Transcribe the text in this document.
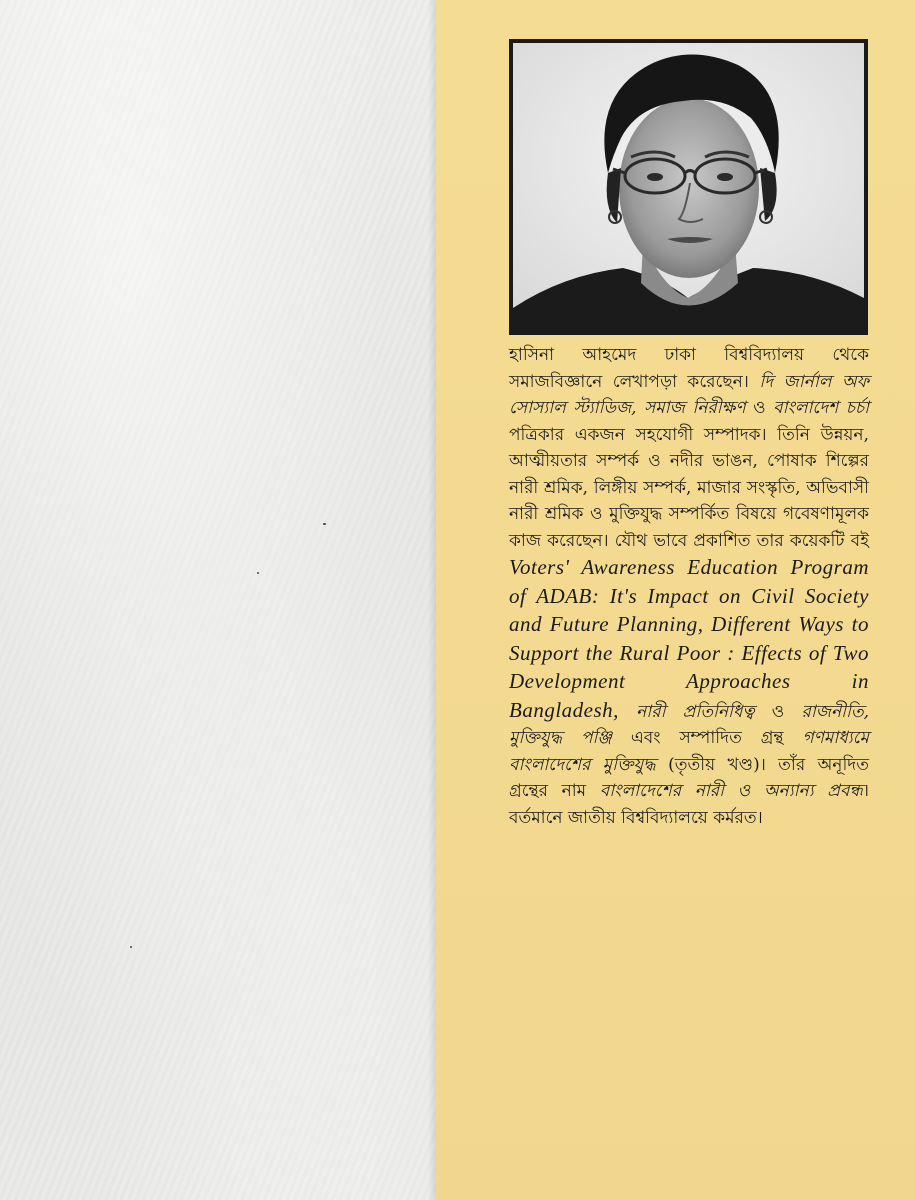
হাসিনা আহমেদ ঢাকা বিশ্ববিদ্যালয় থেকে সমাজবিজ্ঞানে লেখাপড়া করেছেন। দি জার্নাল অফ সোস্যাল স্ট্যাডিজ, সমাজ নিরীক্ষণ ও বাংলাদেশ চর্চা পত্রিকার একজন সহযোগী সম্পাদক। তিনি উন্নয়ন, আত্মীয়তার সম্পর্ক ও নদীর ভাঙন, পোষাক শিল্পের নারী শ্রমিক, লিঙ্গীয় সম্পর্ক, মাজার সংস্কৃতি, অভিবাসী নারী শ্রমিক ও মুক্তিযুদ্ধ সম্পর্কিত বিষয়ে গবেষণামূলক কাজ করেছেন। যৌথ ভাবে প্রকাশিত তার কয়েকটি বই Voters' Awareness Education Program of ADAB: It's Impact on Civil Society and Future Planning, Different Ways to Support the Rural Poor : Effects of Two Development Approaches in Bangladesh, নারী প্রতিনিধিত্ব ও রাজনীতি, মুক্তিযুদ্ধ পঞ্জি এবং সম্পাদিত গ্রন্থ গণমাধ্যমে বাংলাদেশের মুক্তিযুদ্ধ (তৃতীয় খণ্ড)। তাঁর অনূদিত গ্রন্থের নাম বাংলাদেশের নারী ও অন্যান্য প্রবন্ধ। বর্তমানে জাতীয় বিশ্ববিদ্যালয়ে কর্মরত।
